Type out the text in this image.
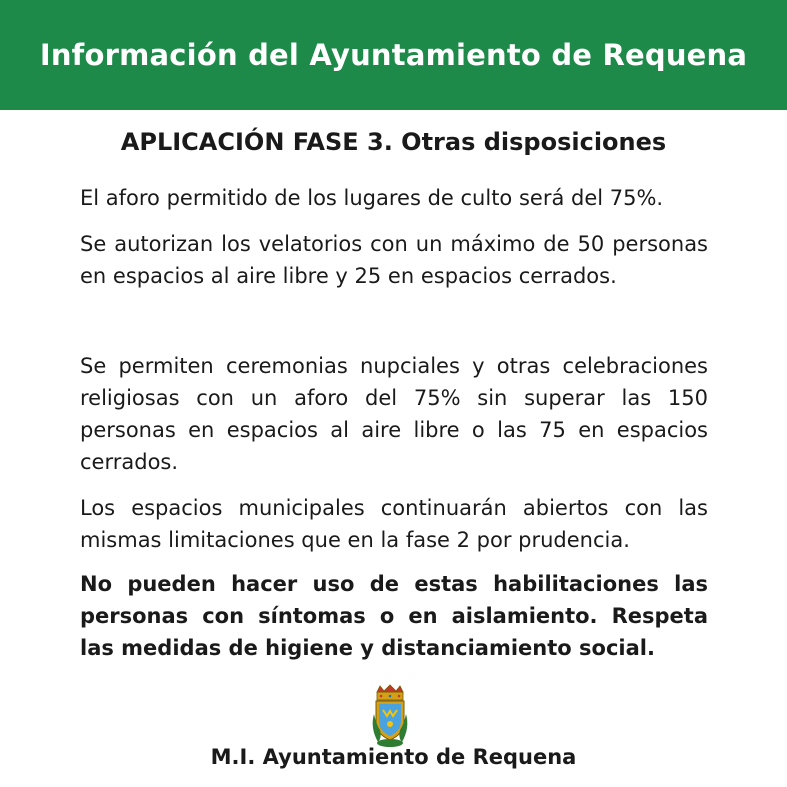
Información del Ayuntamiento de Requena
APLICACIÓN FASE 3. Otras disposiciones

El aforo permitido de los lugares de culto será del 75%.

Se autorizan los velatorios con un máximo de 50 personas en espacios al aire libre y 25 en espacios cerrados.

Se permiten ceremonias nupciales y otras celebraciones religiosas con un aforo del 75% sin superar las 150 personas en espacios al aire libre o las 75 en espacios cerrados.

Los espacios municipales continuarán abiertos con las mismas limitaciones que en la fase 2 por prudencia.

No pueden hacer uso de estas habilitaciones las personas con síntomas o en aislamiento. Respeta las medidas de higiene y distanciamiento social.

M.I. Ayuntamiento de Requena
